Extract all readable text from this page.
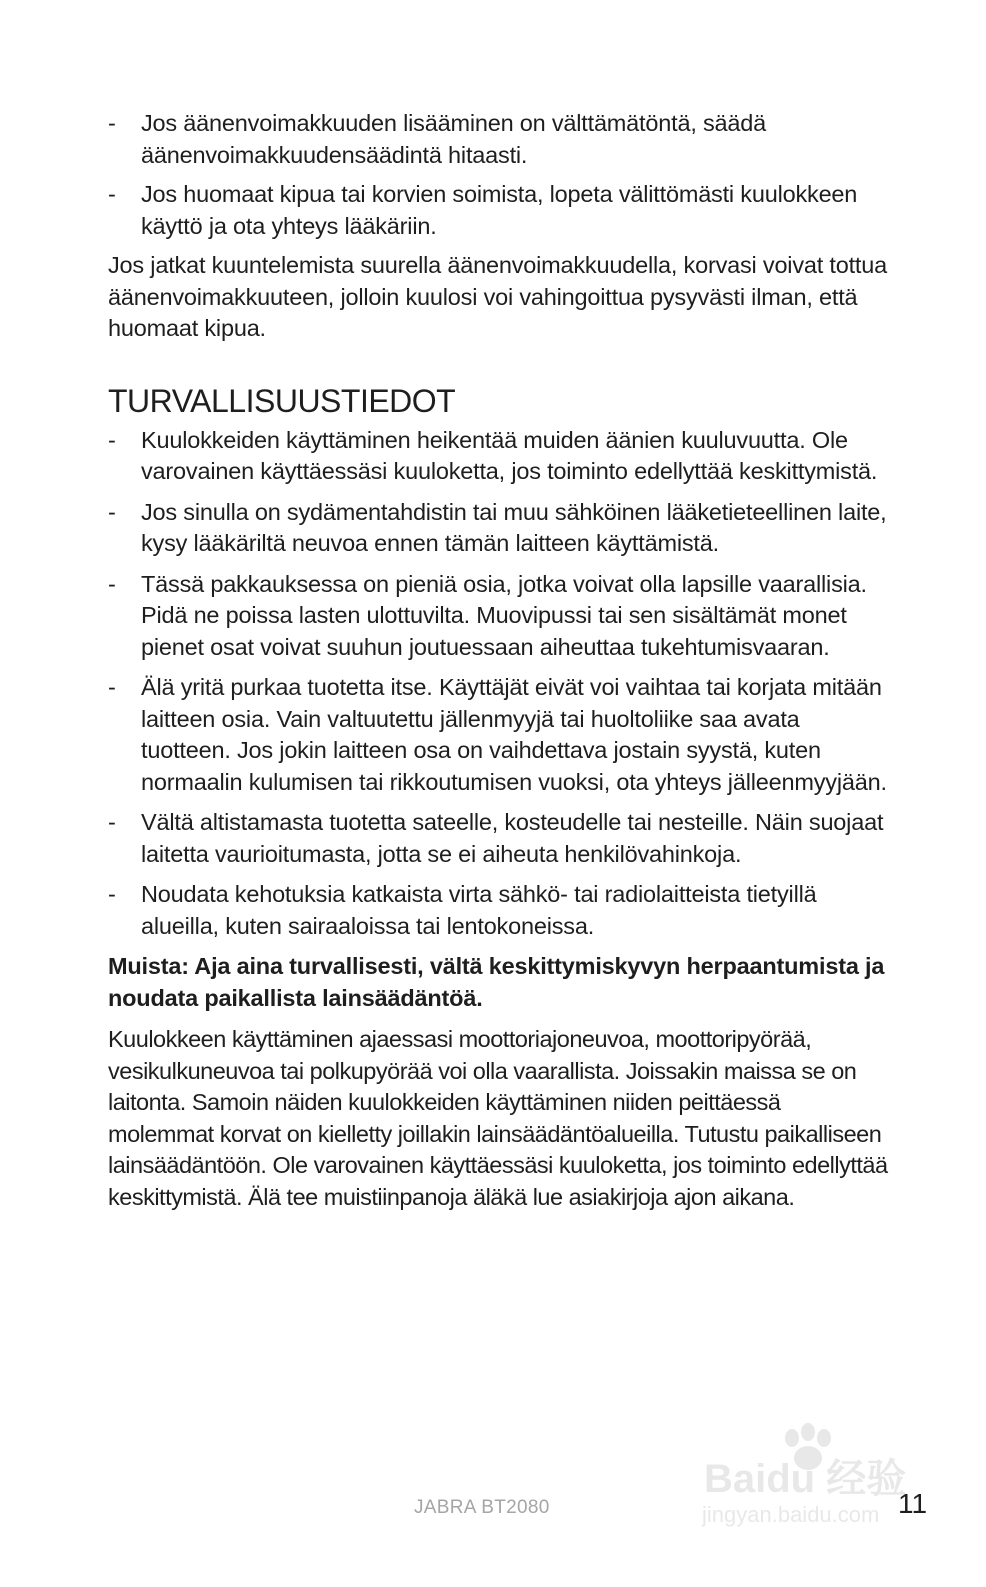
- Jos äänenvoimakkuuden lisääminen on välttämätöntä, säädä äänenvoimakkuudensäädintä hitaasti.
- Jos huomaat kipua tai korvien soimista, lopeta välittömästi kuulokkeen käyttö ja ota yhteys lääkäriin.

Jos jatkat kuuntelemista suurella äänenvoimakkuudella, korvasi voivat tottua äänenvoimakkuuteen, jolloin kuulosi voi vahingoittua pysyvästi ilman, että huomaat kipua.

TURVALLISUUSTIEDOT
- Kuulokkeiden käyttäminen heikentää muiden äänien kuuluvuutta. Ole varovainen käyttäessäsi kuuloketta, jos toiminto edellyttää keskittymistä.
- Jos sinulla on sydämentahdistin tai muu sähköinen lääketieteellinen laite, kysy lääkäriltä neuvoa ennen tämän laitteen käyttämistä.
- Tässä pakkauksessa on pieniä osia, jotka voivat olla lapsille vaarallisia. Pidä ne poissa lasten ulottuvilta. Muovipussi tai sen sisältämät monet pienet osat voivat suuhun joutuessaan aiheuttaa tukehtumisvaaran.
- Älä yritä purkaa tuotetta itse. Käyttäjät eivät voi vaihtaa tai korjata mitään laitteen osia. Vain valtuutettu jällenmyyjä tai huoltoliike saa avata tuotteen. Jos jokin laitteen osa on vaihdettava jostain syystä, kuten normaalin kulumisen tai rikkoutumisen vuoksi, ota yhteys jälleenmyyjään.
- Vältä altistamasta tuotetta sateelle, kosteudelle tai nesteille. Näin suojaat laitetta vaurioitumasta, jotta se ei aiheuta henkilövahinkoja.
- Noudata kehotuksia katkaista virta sähkö- tai radiolaitteista tietyillä alueilla, kuten sairaaloissa tai lentokoneissa.
Muista: Aja aina turvallisesti, vältä keskittymiskyvyn herpaantumista ja noudata paikallista lainsäädäntöä.

Kuulokkeen käyttäminen ajaessasi moottoriajoneuvoa, moottoripyörää, vesikulkuneuvoa tai polkupyörää voi olla vaarallista. Joissakin maissa se on laitonta. Samoin näiden kuulokkeiden käyttäminen niiden peittäessä molemmat korvat on kielletty joillakin lainsäädäntöalueilla. Tutustu paikalliseen lainsäädäntöön. Ole varovainen käyttäessäsi kuuloketta, jos toiminto edellyttää keskittymistä. Älä tee muistiinpanoja äläkä lue asiakirjoja ajon aikana.

JABRA BT2080	11
Baidu 经验
jingyan.baidu.com
